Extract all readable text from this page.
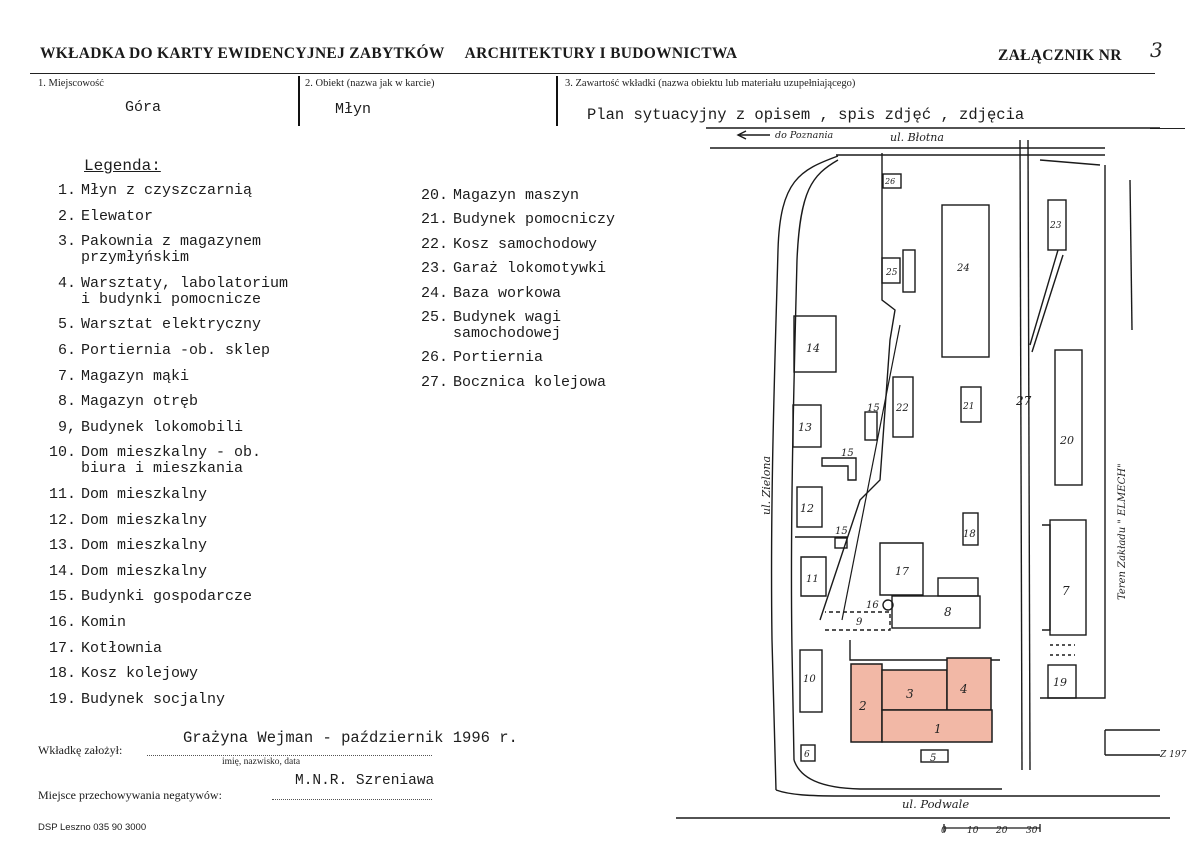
WKŁADKA DO KARTY EWIDENCYJNEJ ZABYTKÓW ARCHITEKTURY I BUDOWNICTWA	ZAŁĄCZNIK NR 3
1. Miejscowość	2. Obiekt (nazwa jak w karcie)	3. Zawartość wkładki (nazwa obiektu lub materiału uzupełniającego)
Góra	Młyn	Plan sytuacyjny z opisem , spis zdjęć , zdjęcia
Legenda:
1. Młyn z czyszczarnią
2. Elewator
3. Pakownia z magazynem
przymłyńskim
4. Warsztaty, labolatorium
i budynki pomocnicze
5. Warsztat elektryczny
6. Portiernia -ob. sklep
7. Magazyn mąki
8. Magazyn otręb
9, Budynek lokomobili
10. Dom mieszkalny - ob.
biura i mieszkania
11. Dom mieszkalny
12. Dom mieszkalny
13. Dom mieszkalny
14. Dom mieszkalny
15. Budynki gospodarcze
16. Komin
17. Kotłownia
18. Kosz kolejowy
19. Budynek socjalny
20. Magazyn maszyn
21. Budynek pomocniczy
22. Kosz samochodowy
23. Garaż lokomotywki
24. Baza workowa
25. Budynek wagi
samochodowej
26. Portiernia
27. Bocznica kolejowa
Wkładkę założył:
Grażyna Wejman - październik 1996 r.
imię, nazwisko, data
M.N.R. Szreniawa
Miejsce przechowywania negatywów:
DSP Leszno 035 90 3000
do Poznania	ul. Błotna
ul. Podwale
ul. Zielona	Teren Zakładu " ELMECH"
Z 197
1
2
3	4
5
6
7
8
9
10
11
12
13
14
15
15
15
16
17
18
19
20
21
22
23
24
25
26
27
0 10 20 30
